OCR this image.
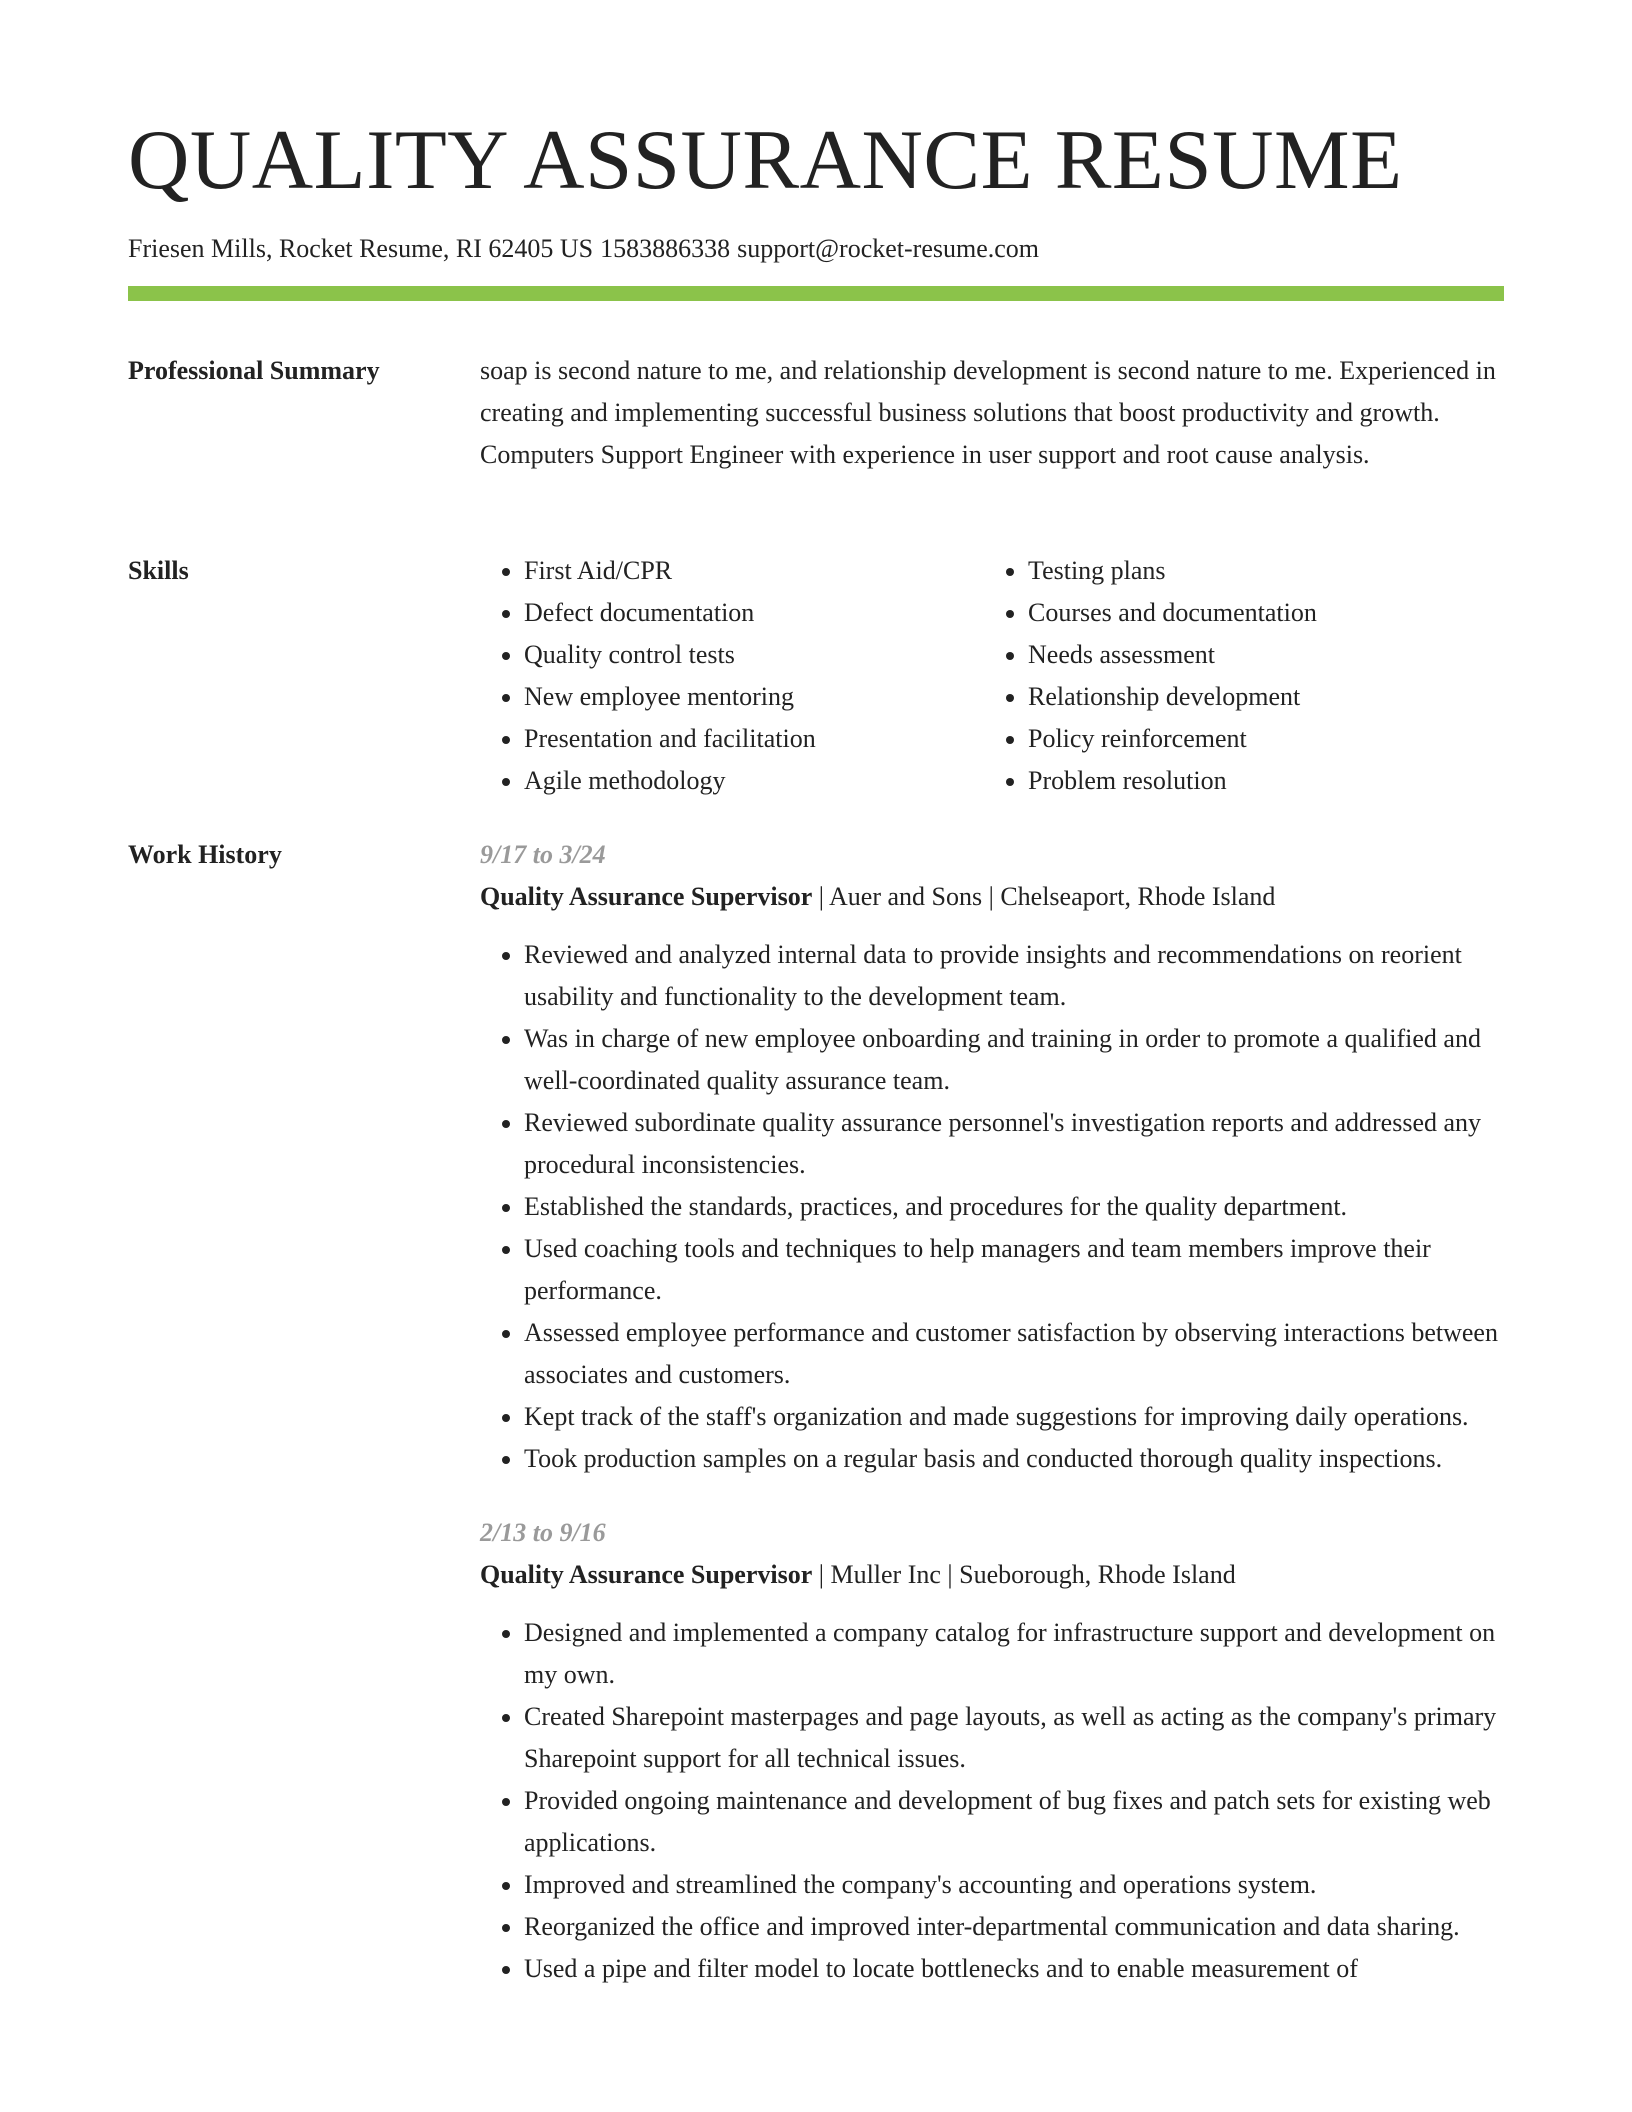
QUALITY ASSURANCE RESUME
Friesen Mills, Rocket Resume, RI 62405 US 1583886338 support@rocket-resume.com
Professional Summary	soap is second nature to me, and relationship development is second nature to me. Experienced in creating and implementing successful business solutions that boost productivity and growth. Computers Support Engineer with experience in user support and root cause analysis.

Skills
•	First Aid/CPR
• Defect documentation
• Quality control tests
• New employee mentoring
• Presentation and facilitation
• Agile methodology
• Testing plans
• Courses and documentation
• Needs assessment
• Relationship development
• Policy reinforcement
• Problem resolution
Work History	9/17 to 3/24
Quality Assurance Supervisor | Auer and Sons | Chelseaport, Rhode Island
• Reviewed and analyzed internal data to provide insights and recommendations on reorient usability and functionality to the development team.
• Was in charge of new employee onboarding and training in order to promote a qualified and well-coordinated quality assurance team.
• Reviewed subordinate quality assurance personnel's investigation reports and addressed any procedural inconsistencies.
• Established the standards, practices, and procedures for the quality department.
• Used coaching tools and techniques to help managers and team members improve their performance.
• Assessed employee performance and customer satisfaction by observing interactions between associates and customers.
• Kept track of the staff's organization and made suggestions for improving daily operations.
• Took production samples on a regular basis and conducted thorough quality inspections.
2/13 to 9/16
Quality Assurance Supervisor | Muller Inc | Sueborough, Rhode Island
• Designed and implemented a company catalog for infrastructure support and development on my own.
• Created Sharepoint masterpages and page layouts, as well as acting as the company's primary Sharepoint support for all technical issues.
• Provided ongoing maintenance and development of bug fixes and patch sets for existing web applications.
• Improved and streamlined the company's accounting and operations system.
• Reorganized the office and improved inter-departmental communication and data sharing.
• Used a pipe and filter model to locate bottlenecks and to enable measurement of
